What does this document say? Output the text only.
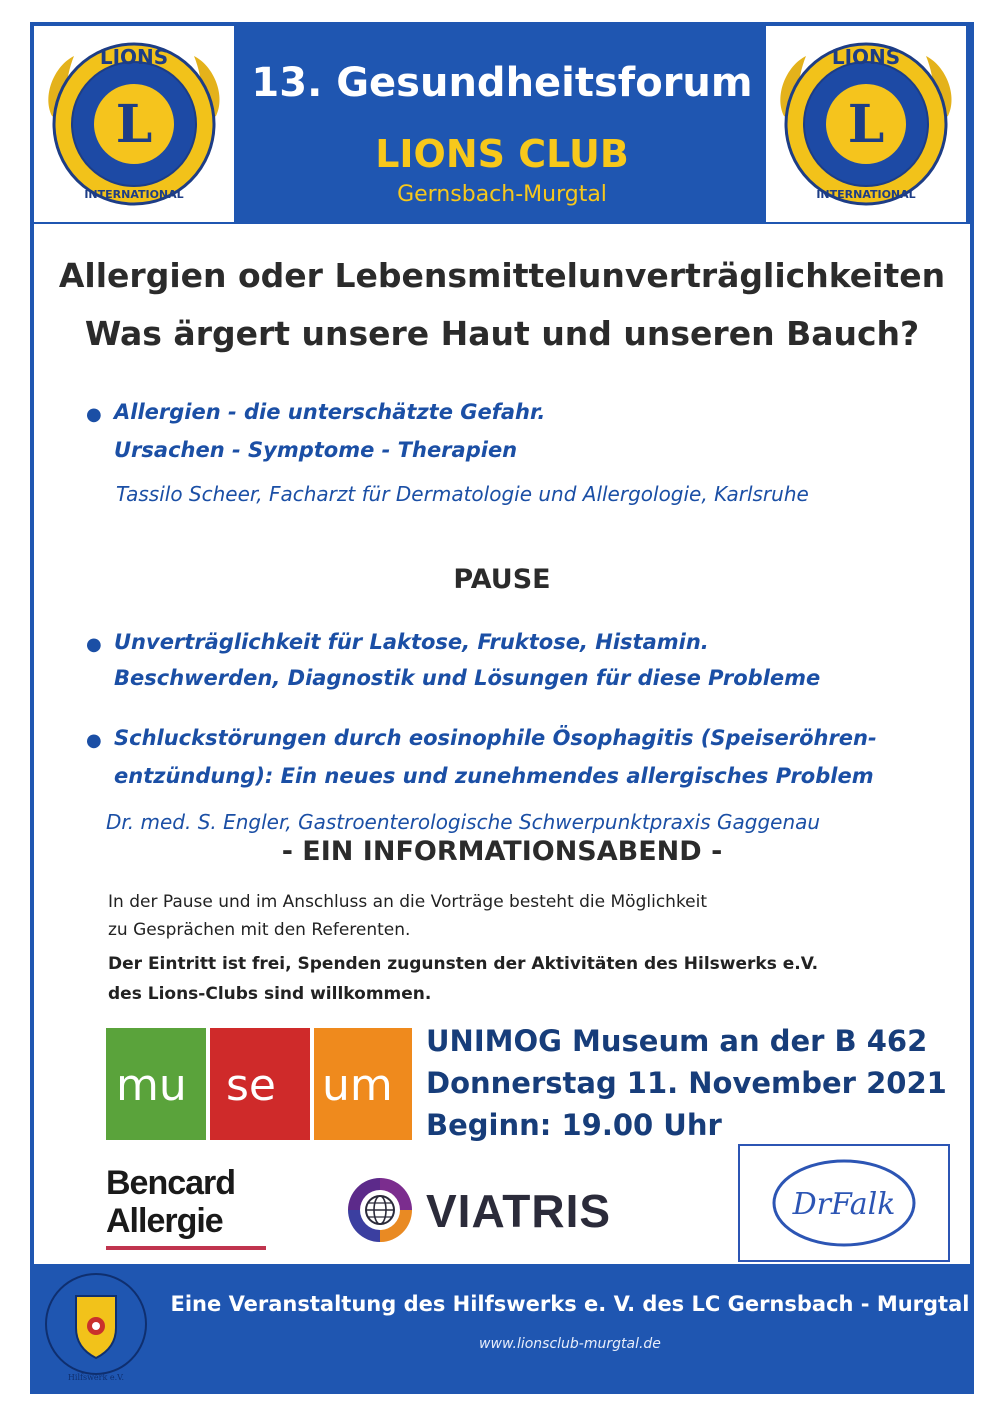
L
LIONS
INTERNATIONAL
13. Gesundheitsforum
LIONS CLUB
Gernsbach-Murgtal
L
LIONS
INTERNATIONAL
Allergien oder Lebensmittelunverträglichkeiten
Was ärgert unsere Haut und unseren Bauch?
● Allergien - die unterschätzte Gefahr.
Ursachen - Symptome - Therapien
Tassilo Scheer, Facharzt für Dermatologie und Allergologie, Karlsruhe
PAUSE
● Unverträglichkeit für Laktose, Fruktose, Histamin.
Beschwerden, Diagnostik und Lösungen für diese Probleme
● Schluckstörungen durch eosinophile Ösophagitis (Speiseröhren-
entzündung): Ein neues und zunehmendes allergisches Problem
Dr. med. S. Engler, Gastroenterologische Schwerpunktpraxis Gaggenau
- EIN INFORMATIONSABEND -
In der Pause und im Anschluss an die Vorträge besteht die Möglichkeit
zu Gesprächen mit den Referenten.
Der Eintritt ist frei, Spenden zugunsten der Aktivitäten des Hilswerks e.V.
des Lions-Clubs sind willkommen.
mu se um
UNIMOG Museum an der B 462
Donnerstag 11. November 2021
Beginn: 19.00 Uhr
Bencard
Allergie	VIATRIS	DrFalk
Hilfswerk e.V.
Eine Veranstaltung des Hilfswerks e. V. des LC Gernsbach - Murgtal
www.lionsclub-murgtal.de
